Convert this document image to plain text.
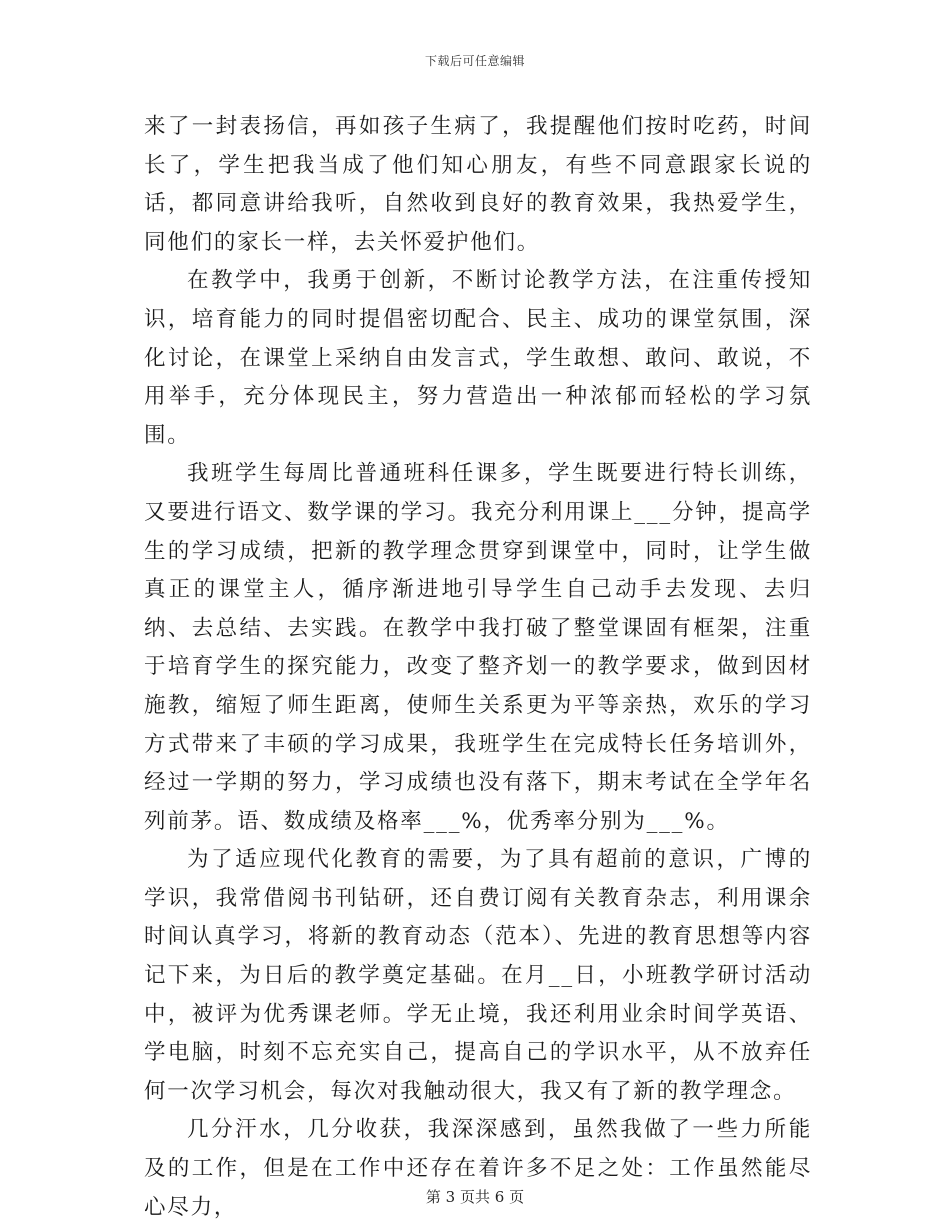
下载后可任意编辑

来了一封表扬信，再如孩子生病了，我提醒他们按时吃药，时间长了，学生把我当成了他们知心朋友，有些不同意跟家长说的话，都同意讲给我听，自然收到良好的教育效果，我热爱学生，同他们的家长一样，去关怀爱护他们。

在教学中，我勇于创新，不断讨论教学方法，在注重传授知识，培育能力的同时提倡密切配合、民主、成功的课堂氛围，深化讨论，在课堂上采纳自由发言式，学生敢想、敢问、敢说，不用举手，充分体现民主，努力营造出一种浓郁而轻松的学习氛围。

我班学生每周比普通班科任课多，学生既要进行特长训练，又要进行语文、数学课的学习。我充分利用课上___分钟，提高学生的学习成绩，把新的教学理念贯穿到课堂中，同时，让学生做真正的课堂主人，循序渐进地引导学生自己动手去发现、去归纳、去总结、去实践。在教学中我打破了整堂课固有框架，注重于培育学生的探究能力，改变了整齐划一的教学要求，做到因材施教，缩短了师生距离，使师生关系更为平等亲热，欢乐的学习方式带来了丰硕的学习成果，我班学生在完成特长任务培训外，经过一学期的努力，学习成绩也没有落下，期末考试在全学年名列前茅。语、数成绩及格率___%，优秀率分别为___%。

为了适应现代化教育的需要，为了具有超前的意识，广博的学识，我常借阅书刊钻研，还自费订阅有关教育杂志，利用课余时间认真学习，将新的教育动态（范本）、先进的教育思想等内容记下来，为日后的教学奠定基础。在月__日，小班教学研讨活动中，被评为优秀课老师。学无止境，我还利用业余时间学英语、学电脑，时刻不忘充实自己，提高自己的学识水平，从不放弃任何一次学习机会，每次对我触动很大，我又有了新的教学理念。

几分汗水，几分收获，我深深感到，虽然我做了一些力所能及的工作，但是在工作中还存在着许多不足之处：工作虽然能尽心尽力，	第 3 页共 6 页
